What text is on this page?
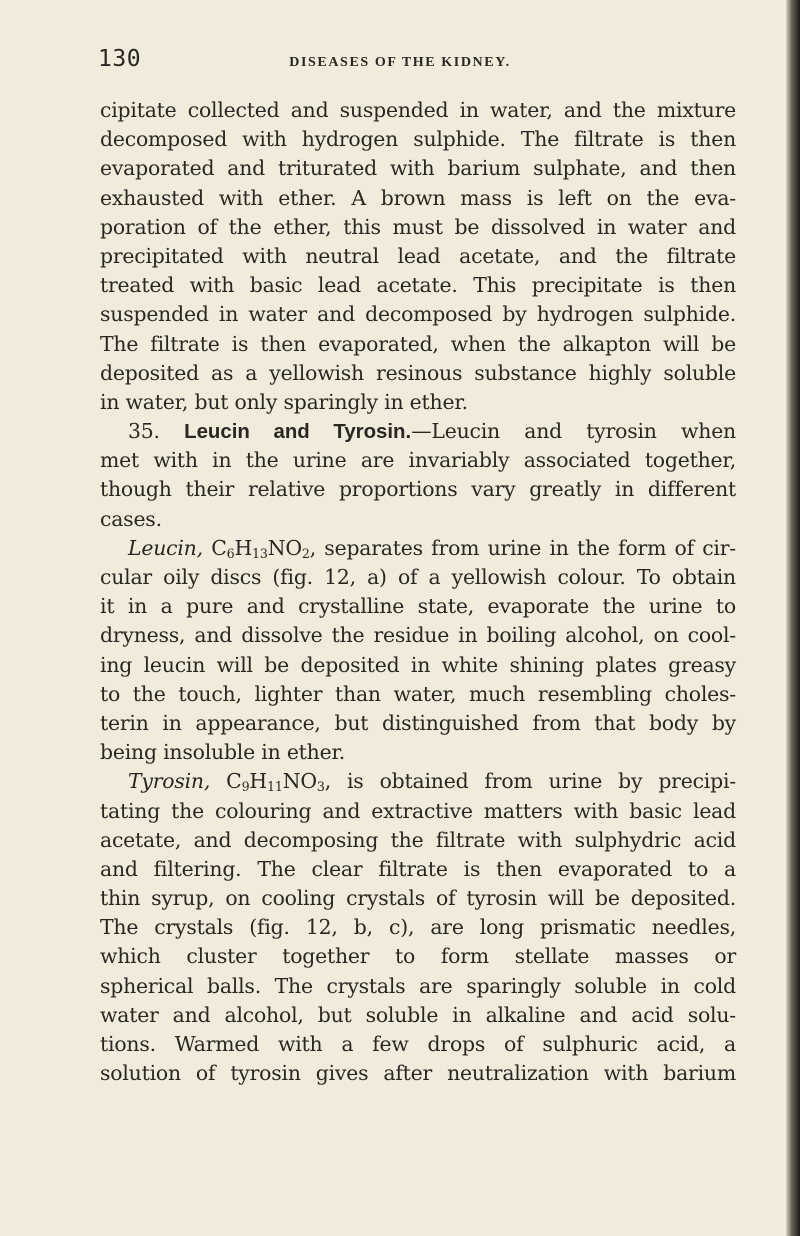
130	DISEASES OF THE KIDNEY.
cipitate collected and suspended in water, and the mixture
decomposed with hydrogen sulphide. The filtrate is then
evaporated and triturated with barium sulphate, and then
exhausted with ether. A brown mass is left on the eva-
poration of the ether, this must be dissolved in water and
precipitated with neutral lead acetate, and the filtrate
treated with basic lead acetate. This precipitate is then
suspended in water and decomposed by hydrogen sulphide.
The filtrate is then evaporated, when the alkapton will be
deposited as a yellowish resinous substance highly soluble
in water, but only sparingly in ether.
35. Leucin and Tyrosin.—Leucin and tyrosin when
met with in the urine are invariably associated together,
though their relative proportions vary greatly in different
cases.
Leucin, $C_6H_{13}NO_2$, separates from urine in the form of cir-
cular oily discs (fig. 12, a) of a yellowish colour. To obtain
it in a pure and crystalline state, evaporate the urine to
dryness, and dissolve the residue in boiling alcohol, on cool-
ing leucin will be deposited in white shining plates greasy
to the touch, lighter than water, much resembling choles-
terin in appearance, but distinguished from that body by
being insoluble in ether.
Tyrosin, $C_9H_{11}NO_3$, is obtained from urine by precipi-
tating the colouring and extractive matters with basic lead
acetate, and decomposing the filtrate with sulphydric acid
and filtering. The clear filtrate is then evaporated to a
thin syrup, on cooling crystals of tyrosin will be deposited.
The crystals (fig. 12, b, c), are long prismatic needles,
which cluster together to form stellate masses or
spherical balls. The crystals are sparingly soluble in cold
water and alcohol, but soluble in alkaline and acid solu-
tions. Warmed with a few drops of sulphuric acid, a
solution of tyrosin gives after neutralization with barium
